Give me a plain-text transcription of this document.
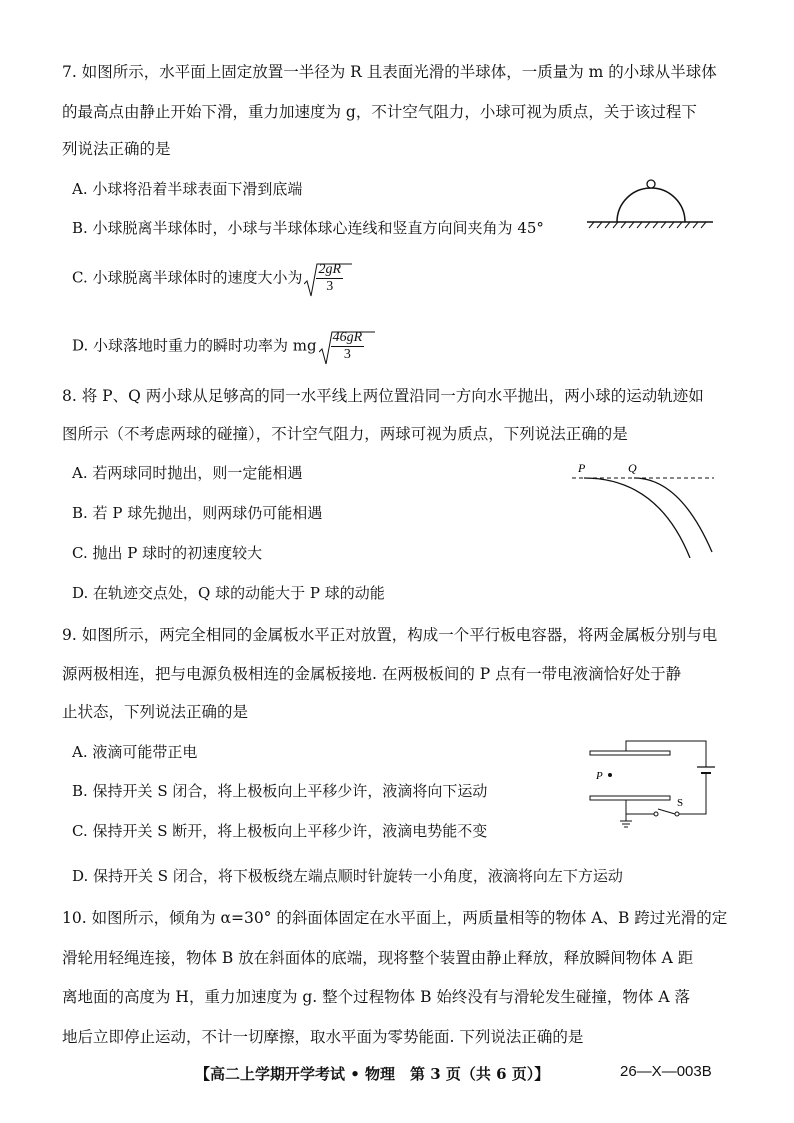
7. 如图所示，水平面上固定放置一半径为 R 且表面光滑的半球体，一质量为 m 的小球从半球体
的最高点由静止开始下滑，重力加速度为 g，不计空气阻力，小球可视为质点，关于该过程下
列说法正确的是
A. 小球将沿着半球表面下滑到底端
B. 小球脱离半球体时，小球与半球体球心连线和竖直方向间夹角为 45°
C. 小球脱离半球体时的速度大小为 $\frac{2gR}{3}$
D. 小球落地时重力的瞬时功率为 mg $\frac{46gR}{3}$
8. 将 P、Q 两小球从足够高的同一水平线上两位置沿同一方向水平抛出，两小球的运动轨迹如
图所示（不考虑两球的碰撞），不计空气阻力，两球可视为质点，下列说法正确的是
A. 若两球同时抛出，则一定能相遇
B. 若 P 球先抛出，则两球仍可能相遇
C. 抛出 P 球时的初速度较大
D. 在轨迹交点处，Q 球的动能大于 P 球的动能
P	Q
9. 如图所示，两完全相同的金属板水平正对放置，构成一个平行板电容器，将两金属板分别与电
源两极相连，把与电源负极相连的金属板接地. 在两极板间的 P 点有一带电液滴恰好处于静
止状态，下列说法正确的是
A. 液滴可能带正电
B. 保持开关 S 闭合，将上极板向上平移少许，液滴将向下运动
C. 保持开关 S 断开，将上极板向上平移少许，液滴电势能不变
D. 保持开关 S 闭合，将下极板绕左端点顺时针旋转一小角度，液滴将向左下方运动
P
S
10. 如图所示，倾角为 α=30° 的斜面体固定在水平面上，两质量相等的物体 A、B 跨过光滑的定
滑轮用轻绳连接，物体 B 放在斜面体的底端，现将整个装置由静止释放，释放瞬间物体 A 距
离地面的高度为 H，重力加速度为 g. 整个过程物体 B 始终没有与滑轮发生碰撞，物体 A 落
地后立即停止运动，不计一切摩擦，取水平面为零势能面. 下列说法正确的是
【高二上学期开学考试 • 物理　第 3 页（共 6 页）】	26—X—003B
